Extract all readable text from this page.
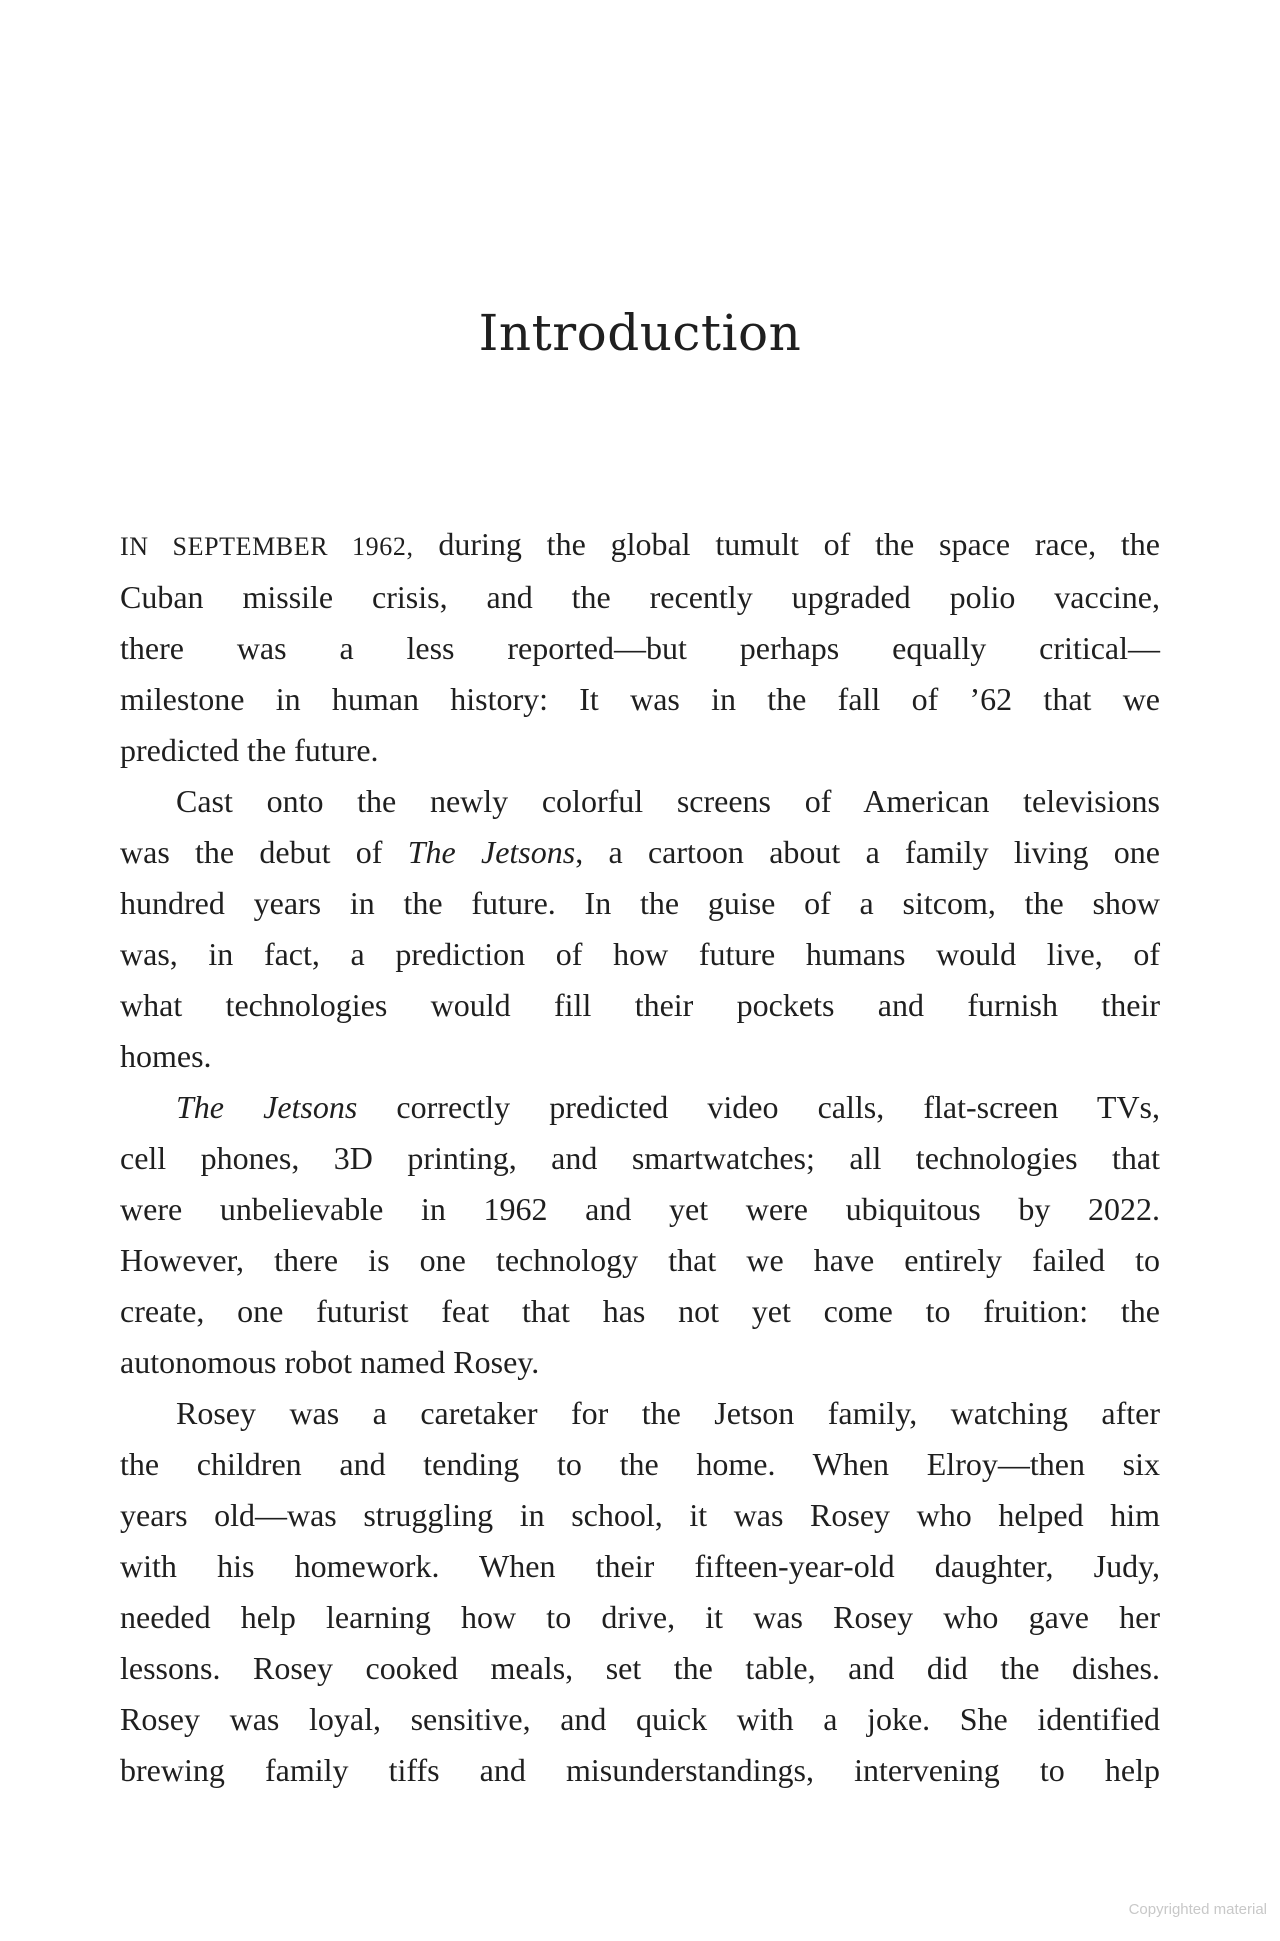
Introduction
IN SEPTEMBER 1962, during the global tumult of the space race, the
Cuban missile crisis, and the recently upgraded polio vaccine,
there was a less reported—but perhaps equally critical—
milestone in human history: It was in the fall of ’62 that we
predicted the future.
Cast onto the newly colorful screens of American televisions
was the debut of The Jetsons, a cartoon about a family living one
hundred years in the future. In the guise of a sitcom, the show
was, in fact, a prediction of how future humans would live, of
what technologies would fill their pockets and furnish their
homes.
The Jetsons correctly predicted video calls, flat-screen TVs,
cell phones, 3D printing, and smartwatches; all technologies that
were unbelievable in 1962 and yet were ubiquitous by 2022.
However, there is one technology that we have entirely failed to
create, one futurist feat that has not yet come to fruition: the
autonomous robot named Rosey.
Rosey was a caretaker for the Jetson family, watching after
the children and tending to the home. When Elroy—then six
years old—was struggling in school, it was Rosey who helped him
with his homework. When their fifteen-year-old daughter, Judy,
needed help learning how to drive, it was Rosey who gave her
lessons. Rosey cooked meals, set the table, and did the dishes.
Rosey was loyal, sensitive, and quick with a joke. She identified
brewing family tiffs and misunderstandings, intervening to help
Copyrighted material
